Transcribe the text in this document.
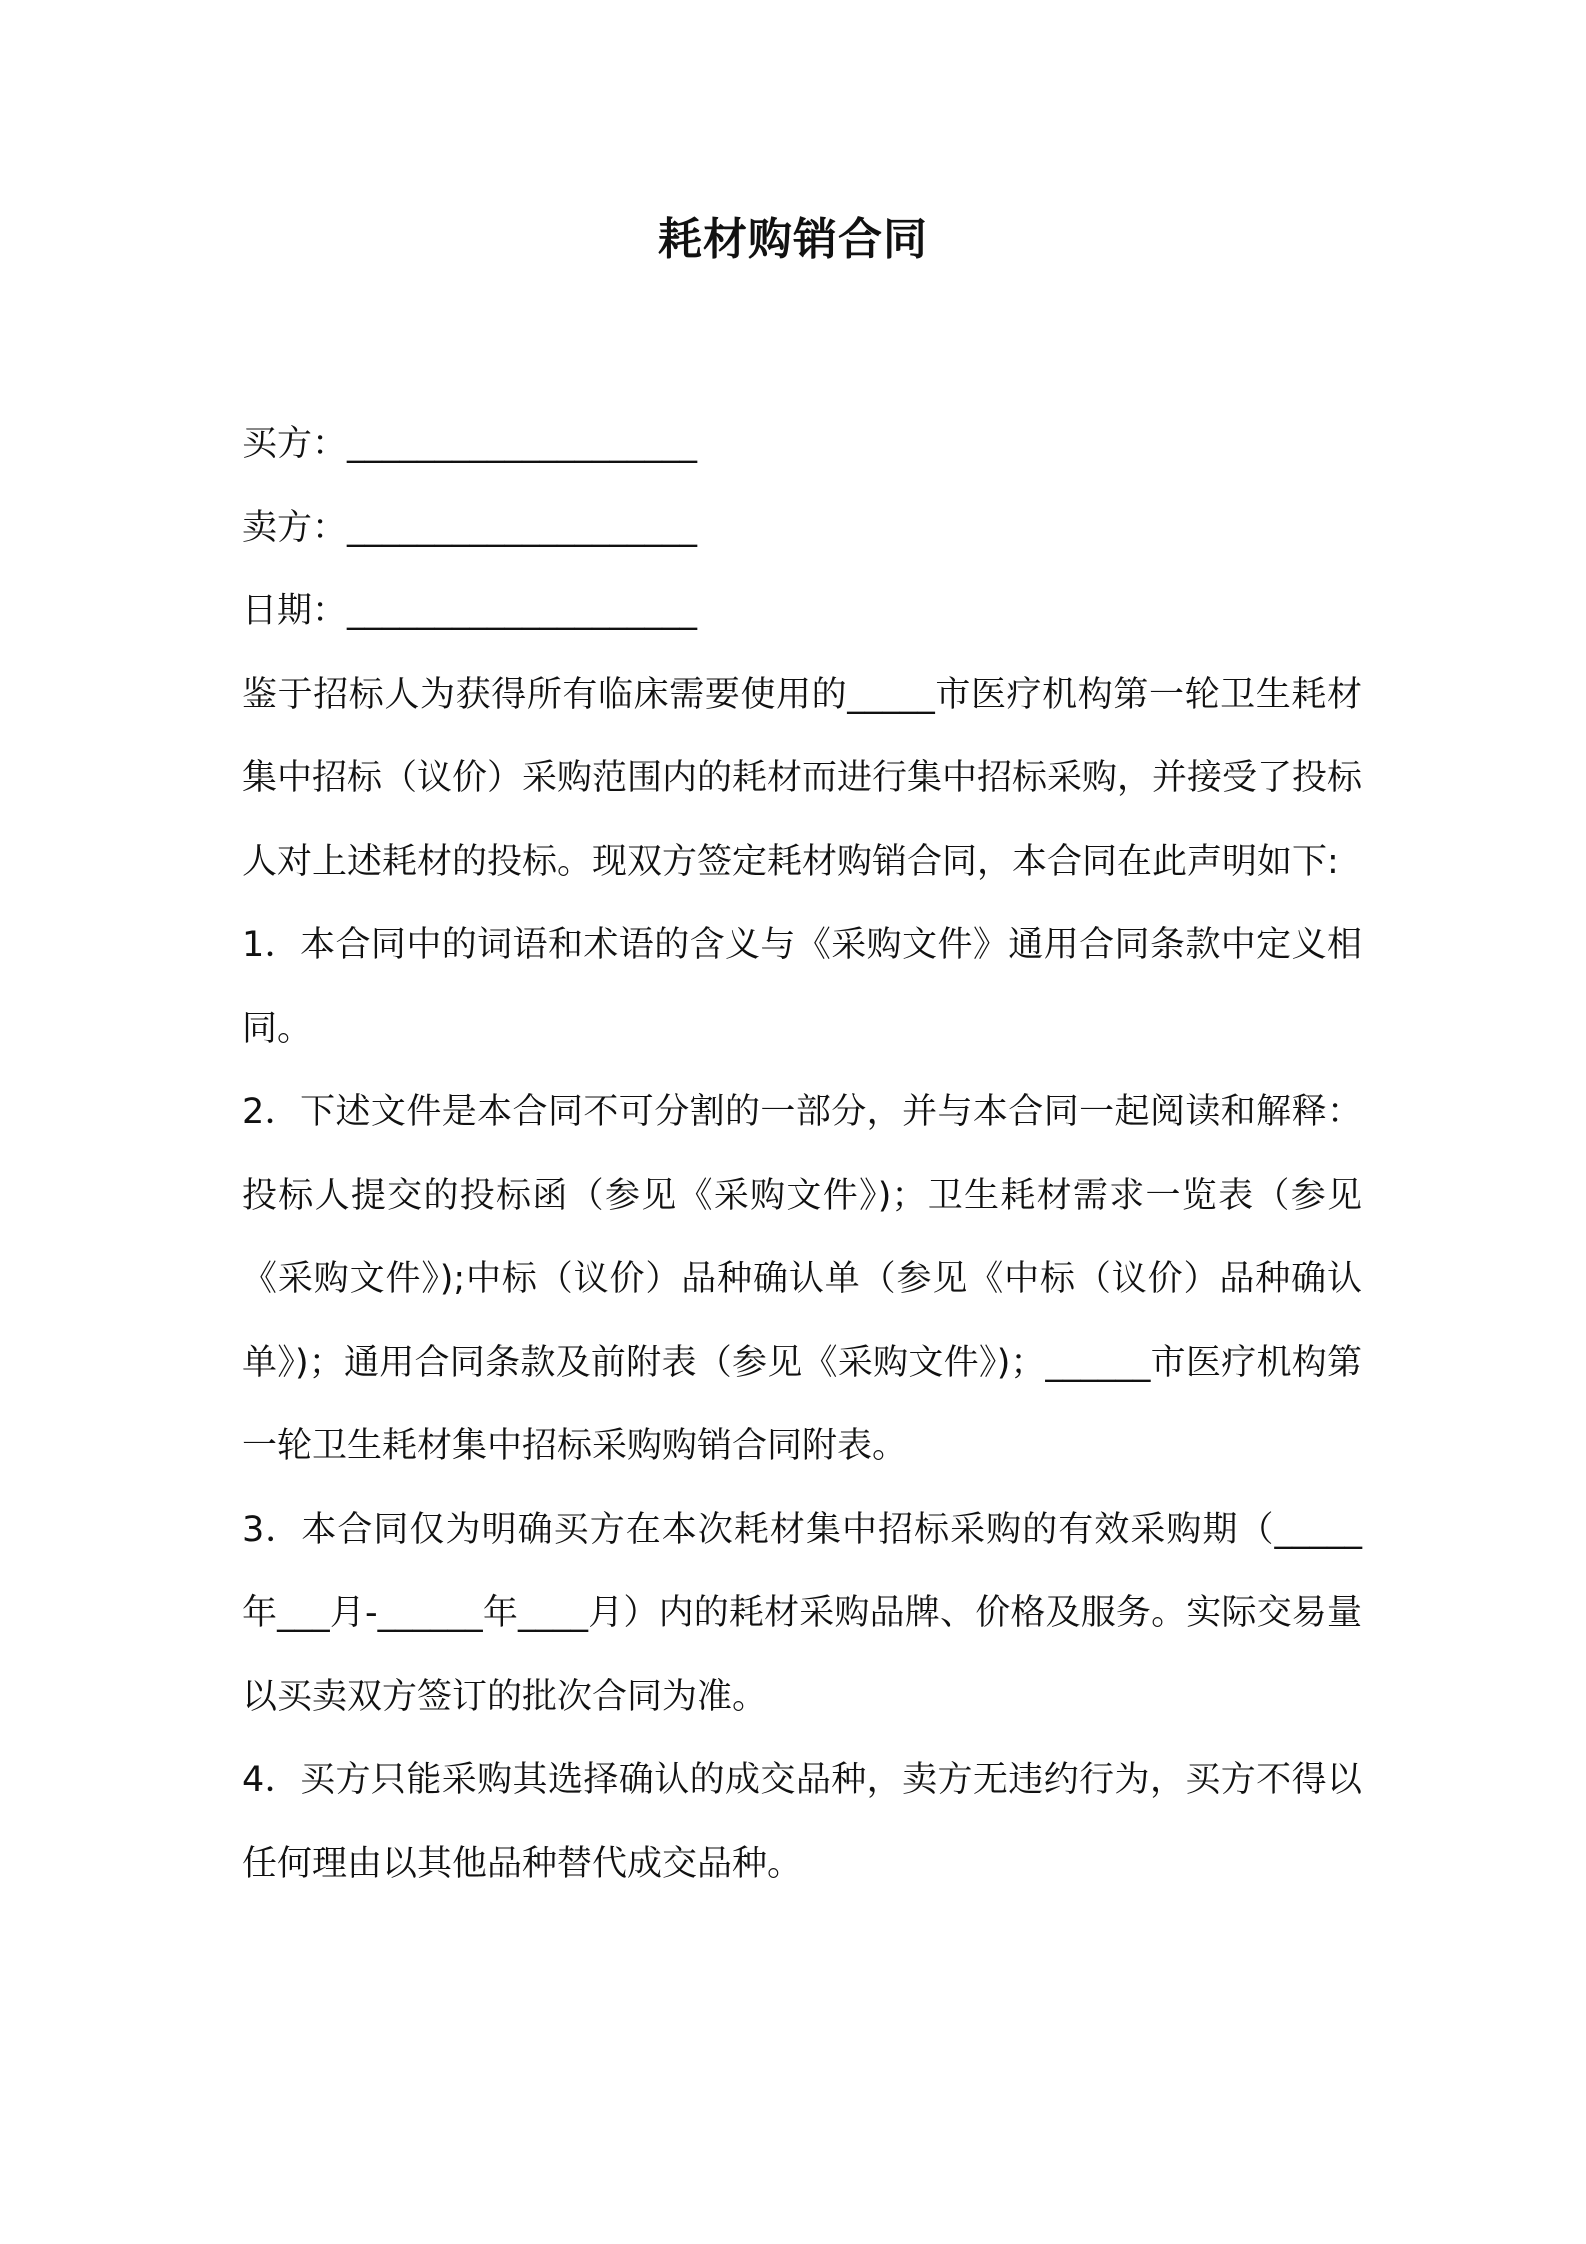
耗材购销合同

买方：____________________

卖方：____________________

日期：____________________

鉴于招标人为获得所有临床需要使用的_____市医疗机构第一轮卫生耗材集中招标（议价）采购范围内的耗材而进行集中招标采购，并接受了投标人对上述耗材的投标。现双方签定耗材购销合同，本合同在此声明如下:

1．本合同中的词语和术语的含义与《采购文件》通用合同条款中定义相同。

2．下述文件是本合同不可分割的一部分，并与本合同一起阅读和解释：投标人提交的投标函（参见《采购文件》)；卫生耗材需求一览表（参见《采购文件》);中标（议价）品种确认单（参见《中标（议价）品种确认单》)；通用合同条款及前附表（参见《采购文件》)；______市医疗机构第一轮卫生耗材集中招标采购购销合同附表。

3．本合同仅为明确买方在本次耗材集中招标采购的有效采购期（_____年___月-______年____月）内的耗材采购品牌、价格及服务。实际交易量以买卖双方签订的批次合同为准。

4．买方只能采购其选择确认的成交品种，卖方无违约行为，买方不得以任何理由以其他品种替代成交品种。
